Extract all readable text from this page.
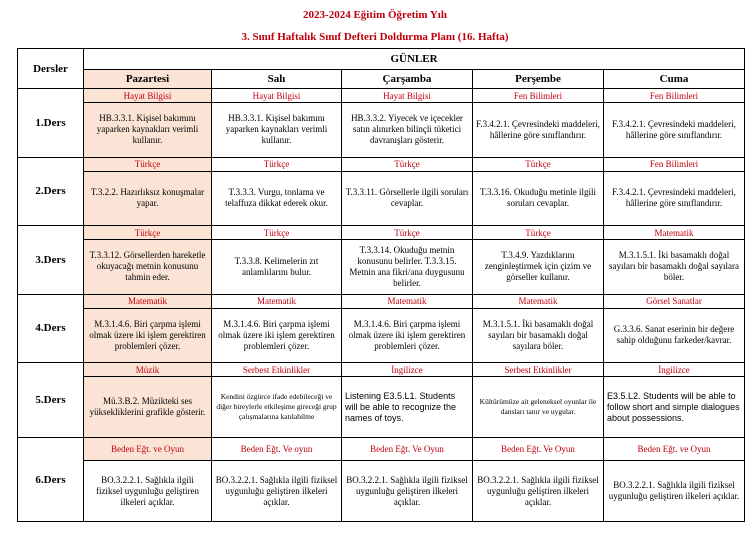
2023-2024 Eğitim Öğretim Yılı
3. Sınıf Haftalık Sınıf Defteri Doldurma Planı (16. Hafta)
Dersler	GÜNLER				
	Pazartesi	Salı	Çarşamba	Perşembe	Cuma
1.Ders	Hayat Bilgisi	Hayat Bilgisi	Hayat Bilgisi	Fen Bilimleri	Fen Bilimleri
	HB.3.3.1. Kişisel bakımını yaparken kaynakları verimli kullanır.	HB.3.3.1. Kişisel bakımını yaparken kaynakları verimli kullanır.	HB.3.3.2. Yiyecek ve içecekler satın alınırken bilinçli tüketici davranışları gösterir.	F.3.4.2.1. Çevresindeki maddeleri, hâllerine göre sınıflandırır.	F.3.4.2.1. Çevresindeki maddeleri, hâllerine göre sınıflandırır.
2.Ders	Türkçe	Türkçe	Türkçe	Türkçe	Fen Bilimleri
	T.3.2.2. Hazırlıksız konuşmalar yapar.	T.3.3.3. Vurgu, tonlama ve telaffuza dikkat ederek okur.	T.3.3.11. Görsellerle ilgili soruları cevaplar.	T.3.3.16. Okuduğu metinle ilgili soruları cevaplar.	F.3.4.2.1. Çevresindeki maddeleri, hâllerine göre sınıflandırır.
3.Ders	Türkçe	Türkçe	Türkçe	Türkçe	Matematik
	T.3.3.12. Görsellerden hareketle okuyacağı metnin konusunu tahmin eder.	T.3.3.8. Kelimelerin zıt anlamlılarını bulur.	T.3.3.14. Okuduğu metnin konusunu belirler. T.3.3.15. Metnin ana fikri/ana duygusunu belirler.	T.3.4.9. Yazdıklarını zenginleştirmek için çizim ve görseller kullanır.	M.3.1.5.1. İki basamaklı doğal sayıları bir basamaklı doğal sayılara böler.
4.Ders	Matematik	Matematik	Matematik	Matematik	Görsel Sanatlar
	M.3.1.4.6. Biri çarpma işlemi olmak üzere iki işlem gerektiren problemleri çözer.	M.3.1.4.6. Biri çarpma işlemi olmak üzere iki işlem gerektiren problemleri çözer.	M.3.1.4.6. Biri çarpma işlemi olmak üzere iki işlem gerektiren problemleri çözer.	M.3.1.5.1. İki basamaklı doğal sayıları bir basamaklı doğal sayılara böler.	G.3.3.6. Sanat eserinin bir değere sahip olduğunu farkeder/kavrar.
5.Ders	Müzik	Serbest Etkinlikler	İngilizce	Serbest Etkinlikler	İngilizce
	Mü.3.B.2. Müzikteki ses yüksekliklerini grafikle gösterir.	Kendini özgürce ifade edebileceği ve diğer bireylerle etkileşime gireceği grup çalışmalarına katılabilme	Listening E3.5.L1. Students will be able to recognize the names of toys.	Kültürümüze ait geleneksel oyunlar ile dansları tanır ve uygular.	E3.5.L2. Students will be able to follow short and simple dialogues about possessions.
6.Ders	Beden Eğt. ve Oyun	Beden Eğt. Ve oyun	Beden Eğt. Ve Oyun	Beden Eğt. Ve Oyun	Beden Eğt. ve Oyun
	BO.3.2.2.1. Sağlıkla ilgili fiziksel uygunluğu geliştiren ilkeleri açıklar.	BO.3.2.2.1. Sağlıkla ilgili fiziksel uygunluğu geliştiren ilkeleri açıklar.	BO.3.2.2.1. Sağlıkla ilgili fiziksel uygunluğu geliştiren ilkeleri açıklar.	BO.3.2.2.1. Sağlıkla ilgili fiziksel uygunluğu geliştiren ilkeleri açıklar.	BO.3.2.2.1. Sağlıkla ilgili fiziksel uygunluğu geliştiren ilkeleri açıklar.
